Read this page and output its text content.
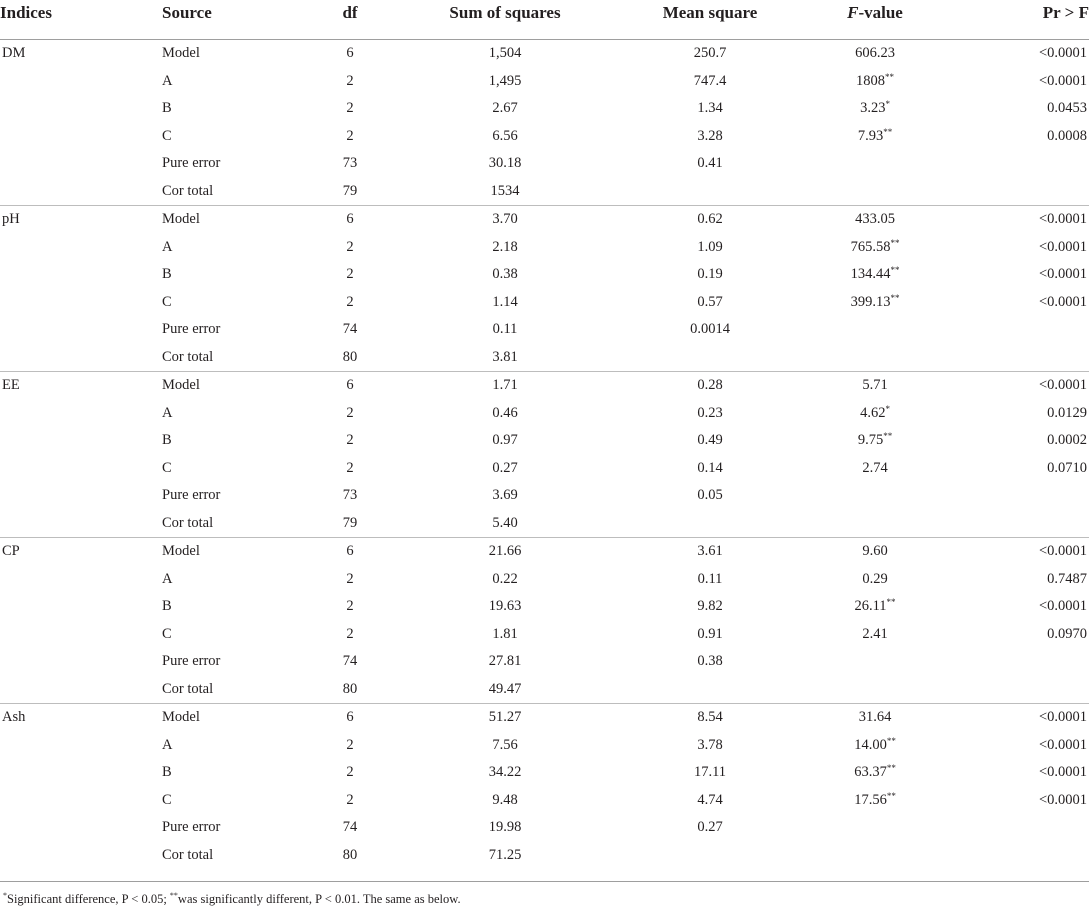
Indices	Source	df	Sum of squares	Mean square	F-value	Pr > F
DM	Model	6	1,504	250.7	606.23	<0.0001
	A	2	1,495	747.4	1808**	<0.0001
	B	2	2.67	1.34	3.23*	0.0453
	C	2	6.56	3.28	7.93**	0.0008
	Pure error	73	30.18	0.41		
	Cor total	79	1534			
pH	Model	6	3.70	0.62	433.05	<0.0001
	A	2	2.18	1.09	765.58**	<0.0001
	B	2	0.38	0.19	134.44**	<0.0001
	C	2	1.14	0.57	399.13**	<0.0001
	Pure error	74	0.11	0.0014		
	Cor total	80	3.81			
EE	Model	6	1.71	0.28	5.71	<0.0001
	A	2	0.46	0.23	4.62*	0.0129
	B	2	0.97	0.49	9.75**	0.0002
	C	2	0.27	0.14	2.74	0.0710
	Pure error	73	3.69	0.05		
	Cor total	79	5.40			
CP	Model	6	21.66	3.61	9.60	<0.0001
	A	2	0.22	0.11	0.29	0.7487
	B	2	19.63	9.82	26.11**	<0.0001
	C	2	1.81	0.91	2.41	0.0970
	Pure error	74	27.81	0.38		
	Cor total	80	49.47			
Ash	Model	6	51.27	8.54	31.64	<0.0001
	A	2	7.56	3.78	14.00**	<0.0001
	B	2	34.22	17.11	63.37**	<0.0001
	C	2	9.48	4.74	17.56**	<0.0001
	Pure error	74	19.98	0.27		
	Cor total	80	71.25			
*Significant difference, P < 0.05; **was significantly different, P < 0.01. The same as below.
